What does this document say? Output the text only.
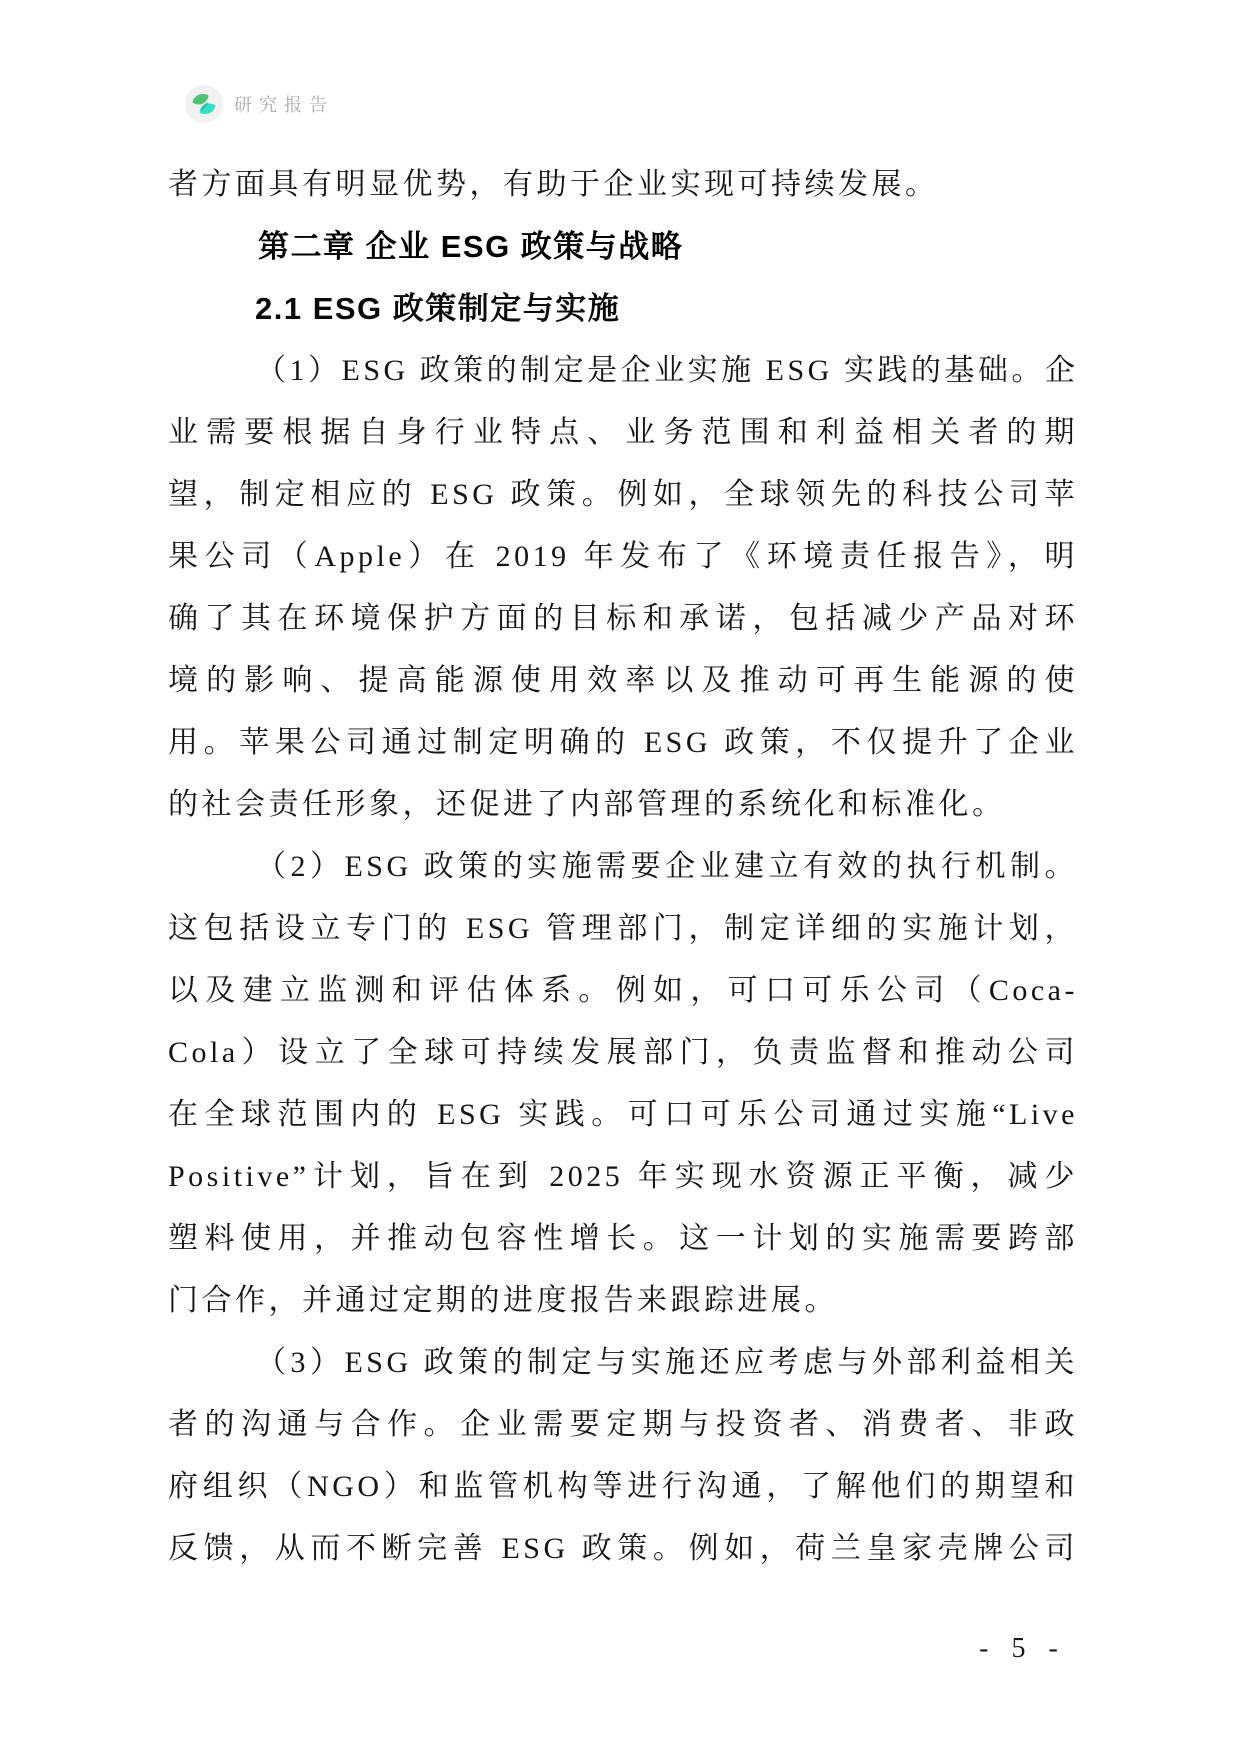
研究报告
者方面具有明显优势，有助于企业实现可持续发展。
第二章 企业 ESG 政策与战略
2.1 ESG 政策制定与实施
（1）ESG 政策的制定是企业实施 ESG 实践的基础。企
业需要根据自身行业特点、业务范围和利益相关者的期
望，制定相应的 ESG 政策。例如，全球领先的科技公司苹
果公司（Apple）在 2019 年发布了《环境责任报告》，明
确了其在环境保护方面的目标和承诺，包括减少产品对环
境的影响、提高能源使用效率以及推动可再生能源的使
用。苹果公司通过制定明确的 ESG 政策，不仅提升了企业
的社会责任形象，还促进了内部管理的系统化和标准化。
（2）ESG 政策的实施需要企业建立有效的执行机制。
这包括设立专门的 ESG 管理部门，制定详细的实施计划，
以及建立监测和评估体系。例如，可口可乐公司（Coca-
Cola）设立了全球可持续发展部门，负责监督和推动公司
在全球范围内的 ESG 实践。可口可乐公司通过实施“Live
Positive”计划，旨在到 2025 年实现水资源正平衡，减少
塑料使用，并推动包容性增长。这一计划的实施需要跨部
门合作，并通过定期的进度报告来跟踪进展。
（3）ESG 政策的制定与实施还应考虑与外部利益相关
者的沟通与合作。企业需要定期与投资者、消费者、非政
府组织（NGO）和监管机构等进行沟通，了解他们的期望和
反馈，从而不断完善 ESG 政策。例如，荷兰皇家壳牌公司
- 5 -
